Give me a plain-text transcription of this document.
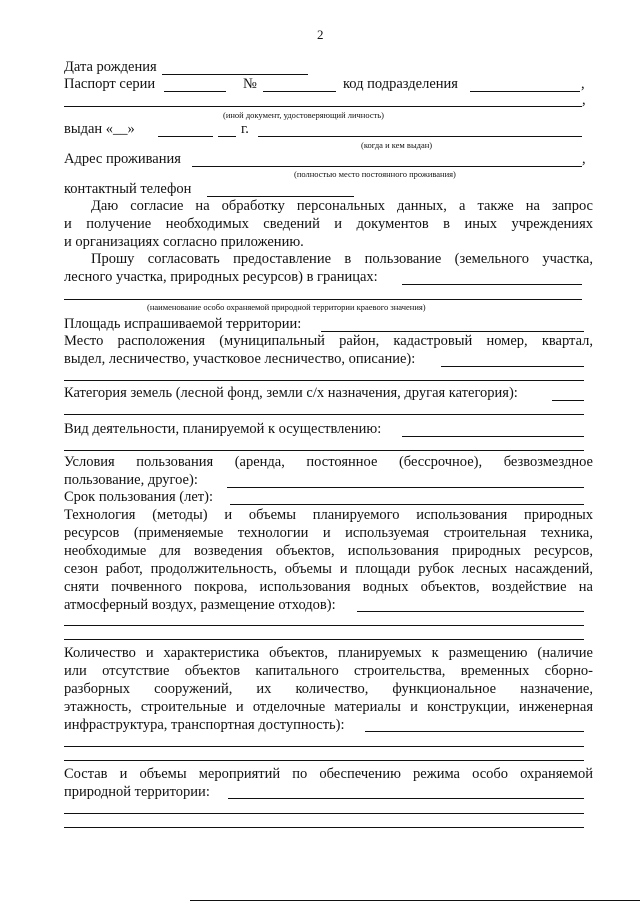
2
Дата рождения
Паспорт серии	№	код подразделения	,
,
(иной документ, удостоверяющий личность)
выдан «__»	г.
(когда и кем выдан)
Адрес проживания	,
(полностью место постоянного проживания)
контактный телефон
Даю согласие на обработку персональных данных, а также на запрос
и получение необходимых сведений и документов в иных учреждениях
и организациях согласно приложению.
Прошу согласовать предоставление в пользование (земельного участка,
лесного участка, природных ресурсов) в границах:
(наименование особо охраняемой природной территории краевого значения)
Площадь испрашиваемой территории:
Место расположения (муниципальный район, кадастровый номер, квартал,
выдел, лесничество, участковое лесничество, описание):
Категория земель (лесной фонд, земли с/х назначения, другая категория):
Вид деятельности, планируемой к осуществлению:
Условия пользования (аренда, постоянное (бессрочное), безвозмездное
пользование, другое):
Срок пользования (лет):
Технология (методы) и объемы планируемого использования природных
ресурсов (применяемые технологии и используемая строительная техника,
необходимые для возведения объектов, использования природных ресурсов,
сезон работ, продолжительность, объемы и площади рубок лесных насаждений,
сняти почвенного покрова, использования водных объектов, воздействие на
атмосферный воздух, размещение отходов):
Количество и характеристика объектов, планируемых к размещению (наличие
или отсутствие объектов капитального строительства, временных сборно-
разборных сооружений, их количество, функциональное назначение,
этажность, строительные и отделочные материалы и конструкции, инженерная
инфраструктура, транспортная доступность):
Состав и объемы мероприятий по обеспечению режима особо охраняемой
природной территории:
